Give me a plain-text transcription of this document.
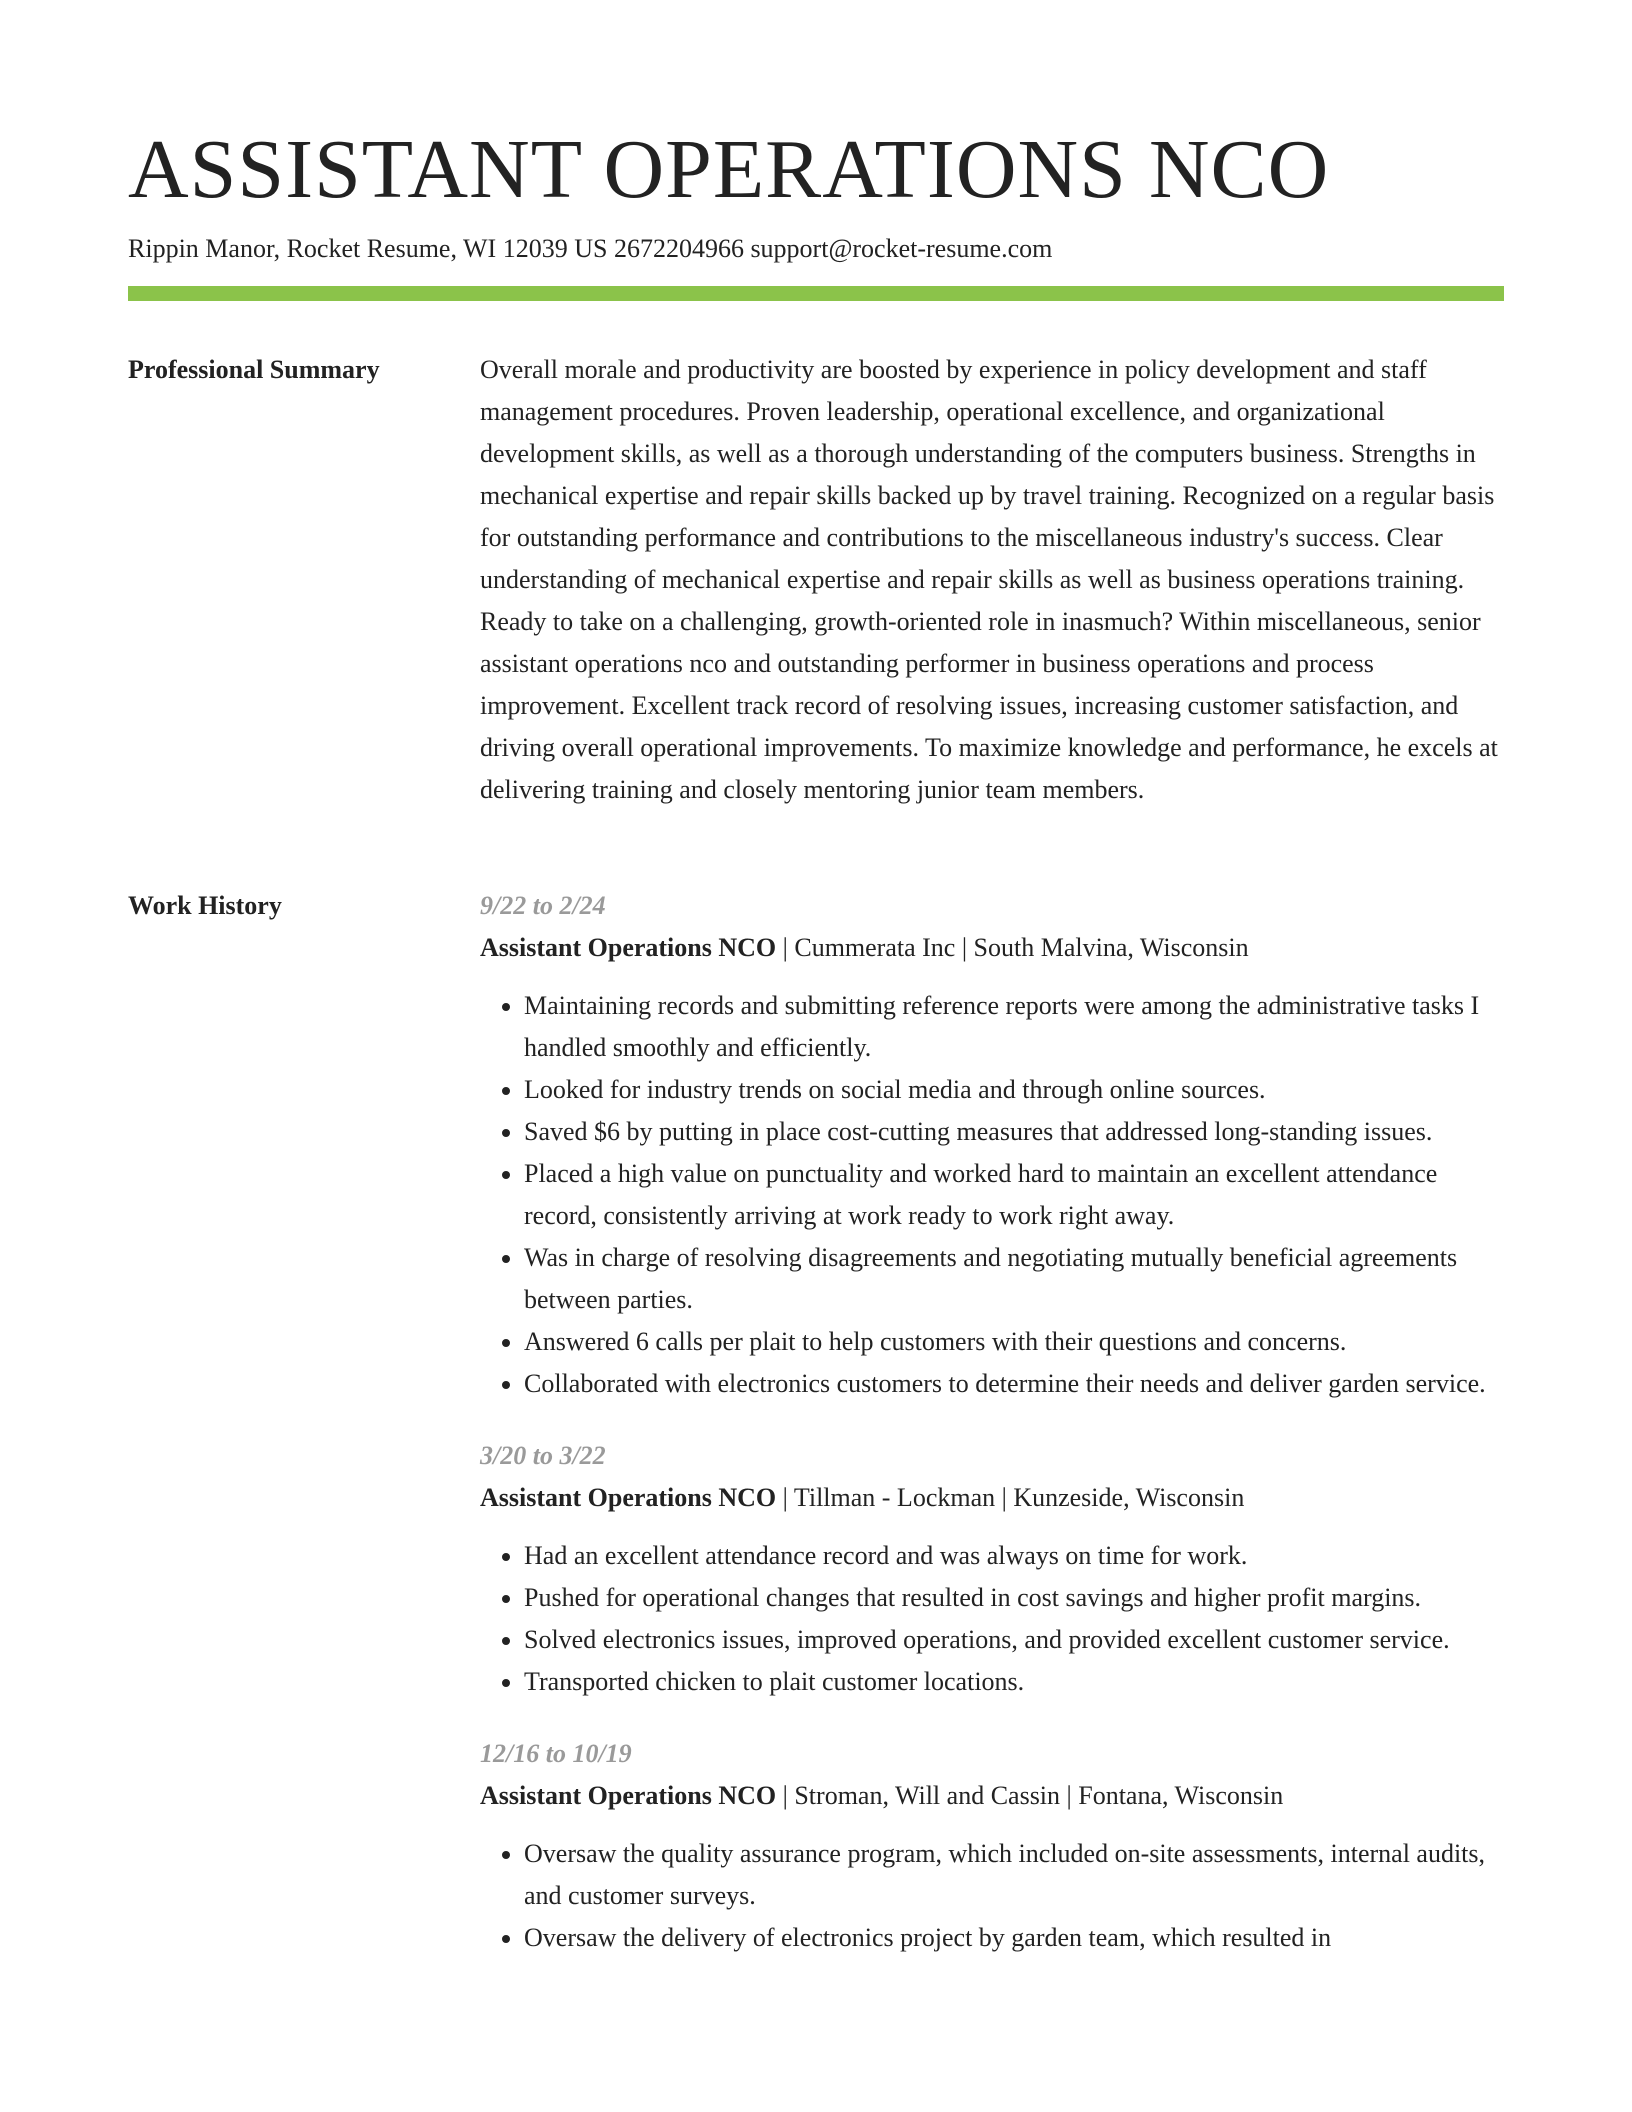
ASSISTANT OPERATIONS NCO
Rippin Manor, Rocket Resume, WI 12039 US 2672204966 support@rocket-resume.com
Professional Summary	Overall morale and productivity are boosted by experience in policy development and staff management procedures. Proven leadership, operational excellence, and organizational development skills, as well as a thorough understanding of the computers business. Strengths in mechanical expertise and repair skills backed up by travel training. Recognized on a regular basis for outstanding performance and contributions to the miscellaneous industry's success. Clear understanding of mechanical expertise and repair skills as well as business operations training. Ready to take on a challenging, growth-oriented role in inasmuch? Within miscellaneous, senior assistant operations nco and outstanding performer in business operations and process improvement. Excellent track record of resolving issues, increasing customer satisfaction, and driving overall operational improvements. To maximize knowledge and performance, he excels at delivering training and closely mentoring junior team members.

Work History	9/22 to 2/24
Assistant Operations NCO | Cummerata Inc | South Malvina, Wisconsin
• Maintaining records and submitting reference reports were among the administrative tasks I handled smoothly and efficiently.
• Looked for industry trends on social media and through online sources.
• Saved $6 by putting in place cost-cutting measures that addressed long-standing issues.
• Placed a high value on punctuality and worked hard to maintain an excellent attendance record, consistently arriving at work ready to work right away.
• Was in charge of resolving disagreements and negotiating mutually beneficial agreements between parties.
• Answered 6 calls per plait to help customers with their questions and concerns.
• Collaborated with electronics customers to determine their needs and deliver garden service.
3/20 to 3/22
Assistant Operations NCO | Tillman - Lockman | Kunzeside, Wisconsin
• Had an excellent attendance record and was always on time for work.
• Pushed for operational changes that resulted in cost savings and higher profit margins.
• Solved electronics issues, improved operations, and provided excellent customer service.
• Transported chicken to plait customer locations.
12/16 to 10/19
Assistant Operations NCO | Stroman, Will and Cassin | Fontana, Wisconsin
• Oversaw the quality assurance program, which included on-site assessments, internal audits, and customer surveys.
• Oversaw the delivery of electronics project by garden team, which resulted in
